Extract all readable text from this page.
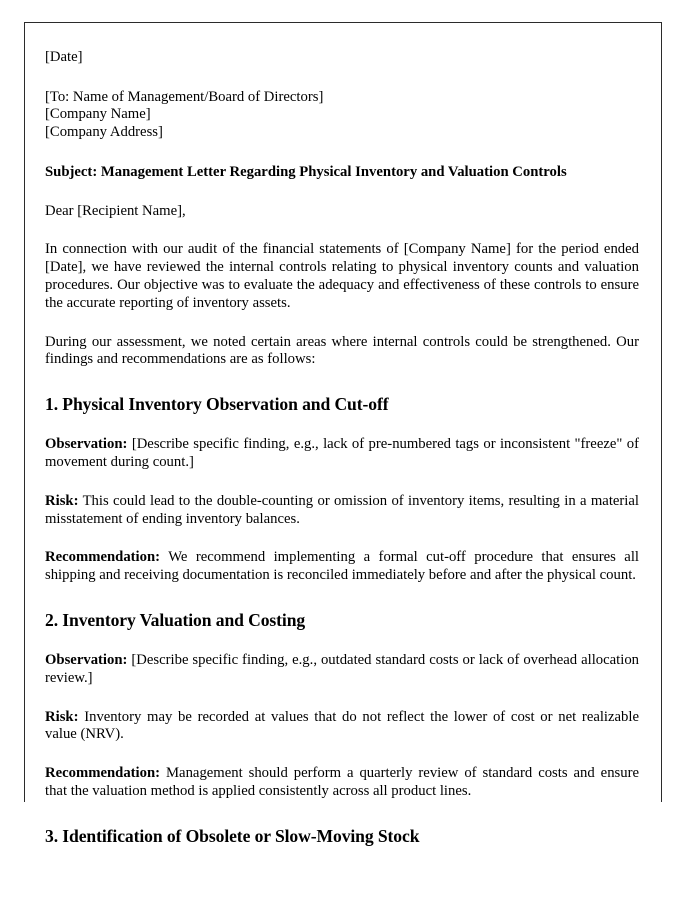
[Date]
[To: Name of Management/Board of Directors]
[Company Name]
[Company Address]
Subject: Management Letter Regarding Physical Inventory and Valuation Controls
Dear [Recipient Name],

In connection with our audit of the financial statements of [Company Name] for the period ended [Date], we have reviewed the internal controls relating to physical inventory counts and valuation procedures. Our objective was to evaluate the adequacy and effectiveness of these controls to ensure the accurate reporting of inventory assets.

During our assessment, we noted certain areas where internal controls could be strengthened. Our findings and recommendations are as follows:

1. Physical Inventory Observation and Cut-off

Observation: [Describe specific finding, e.g., lack of pre-numbered tags or inconsistent "freeze" of movement during count.]

Risk: This could lead to the double-counting or omission of inventory items, resulting in a material misstatement of ending inventory balances.

Recommendation: We recommend implementing a formal cut-off procedure that ensures all shipping and receiving documentation is reconciled immediately before and after the physical count.

2. Inventory Valuation and Costing

Observation: [Describe specific finding, e.g., outdated standard costs or lack of overhead allocation review.]

Risk: Inventory may be recorded at values that do not reflect the lower of cost or net realizable value (NRV).

Recommendation: Management should perform a quarterly review of standard costs and ensure that the valuation method is applied consistently across all product lines.

3. Identification of Obsolete or Slow-Moving Stock
